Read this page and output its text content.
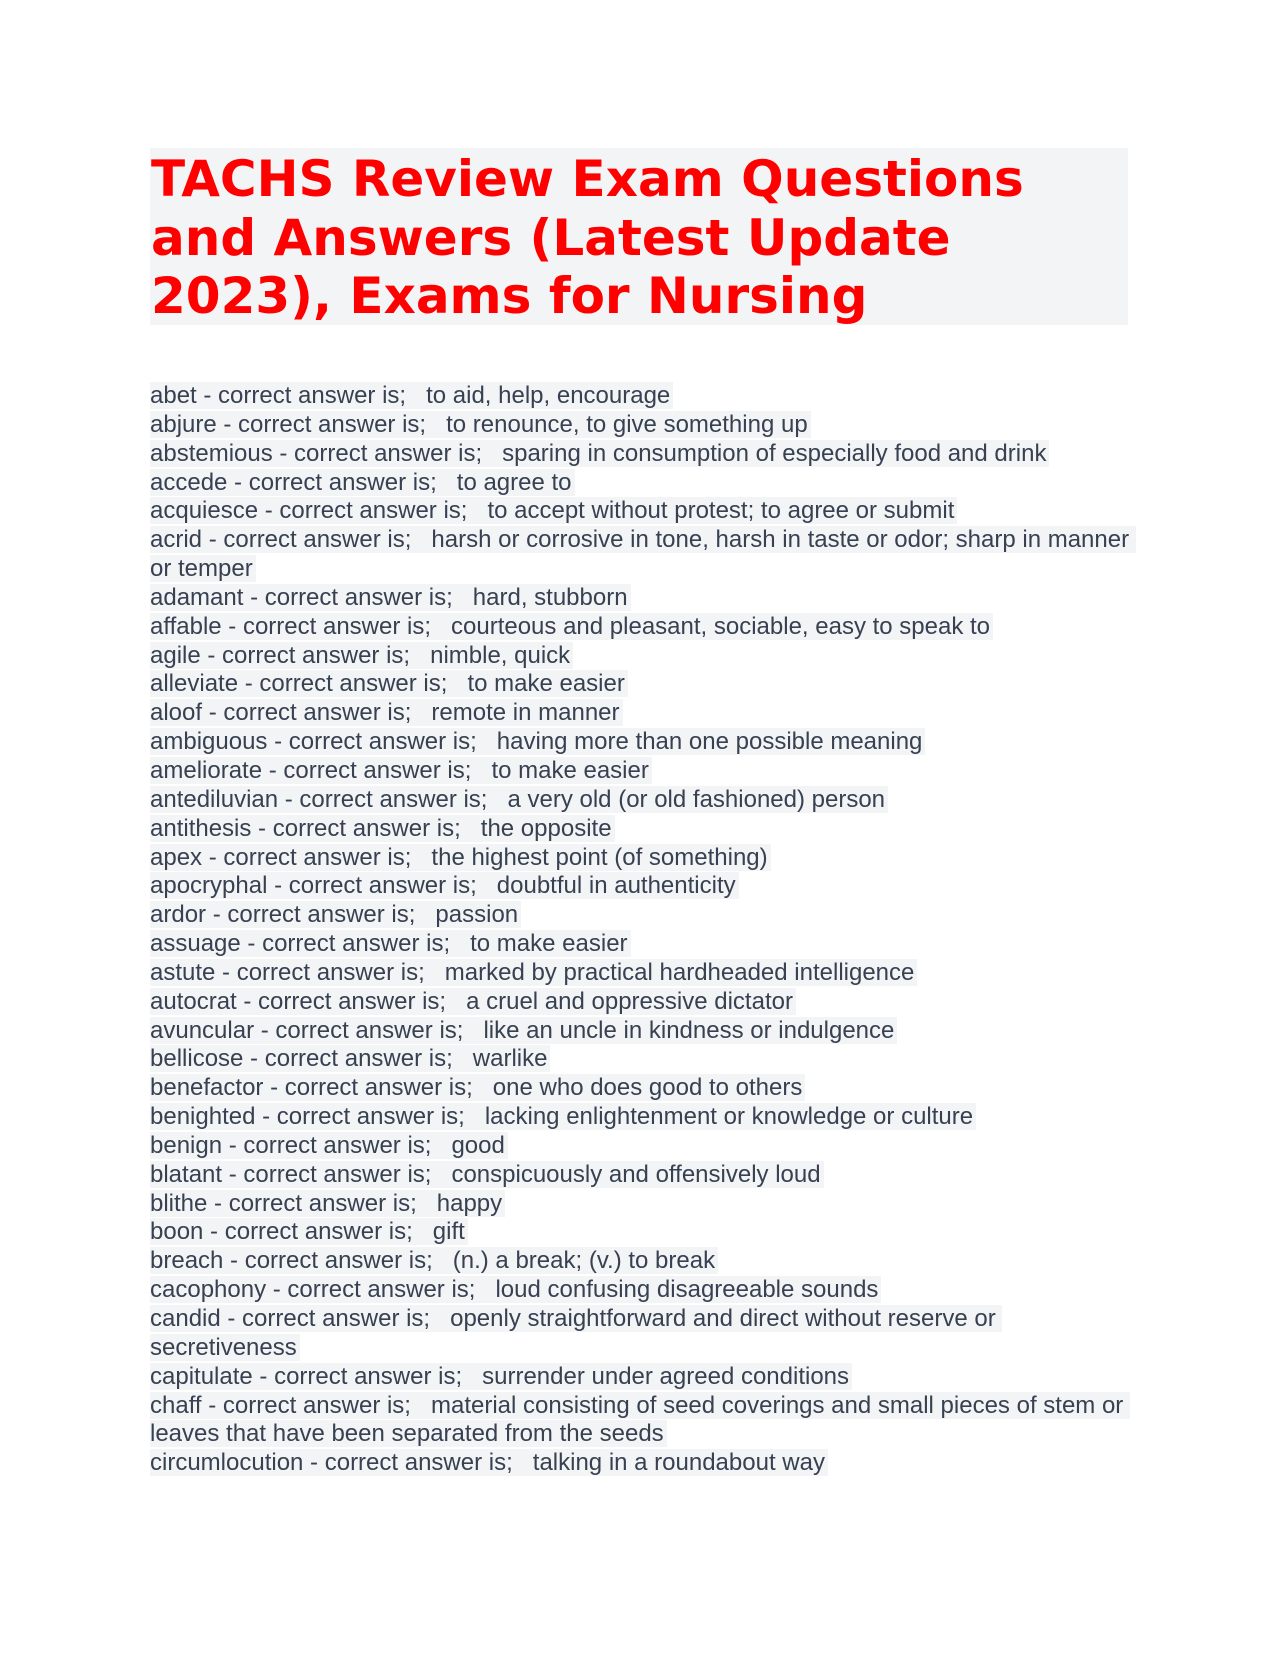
TACHS Review Exam Questions and Answers (Latest Update 2023), Exams for Nursing
abet - correct answer is;   to aid, help, encourage
abjure - correct answer is;   to renounce, to give something up
abstemious - correct answer is;   sparing in consumption of especially food and drink
accede - correct answer is;   to agree to
acquiesce - correct answer is;   to accept without protest; to agree or submit
acrid - correct answer is;   harsh or corrosive in tone, harsh in taste or odor; sharp in manner or temper
adamant - correct answer is;   hard, stubborn
affable - correct answer is;   courteous and pleasant, sociable, easy to speak to
agile - correct answer is;   nimble, quick
alleviate - correct answer is;   to make easier
aloof - correct answer is;   remote in manner
ambiguous - correct answer is;   having more than one possible meaning
ameliorate - correct answer is;   to make easier
antediluvian - correct answer is;   a very old (or old fashioned) person
antithesis - correct answer is;   the opposite
apex - correct answer is;   the highest point (of something)
apocryphal - correct answer is;   doubtful in authenticity
ardor - correct answer is;   passion
assuage - correct answer is;   to make easier
astute - correct answer is;   marked by practical hardheaded intelligence
autocrat - correct answer is;   a cruel and oppressive dictator
avuncular - correct answer is;   like an uncle in kindness or indulgence
bellicose - correct answer is;   warlike
benefactor - correct answer is;   one who does good to others
benighted - correct answer is;   lacking enlightenment or knowledge or culture
benign - correct answer is;   good
blatant - correct answer is;   conspicuously and offensively loud
blithe - correct answer is;   happy
boon - correct answer is;   gift
breach - correct answer is;   (n.) a break; (v.) to break
cacophony - correct answer is;   loud confusing disagreeable sounds
candid - correct answer is;   openly straightforward and direct without reserve or secretiveness
capitulate - correct answer is;   surrender under agreed conditions
chaff - correct answer is;   material consisting of seed coverings and small pieces of stem or leaves that have been separated from the seeds
circumlocution - correct answer is;   talking in a roundabout way
